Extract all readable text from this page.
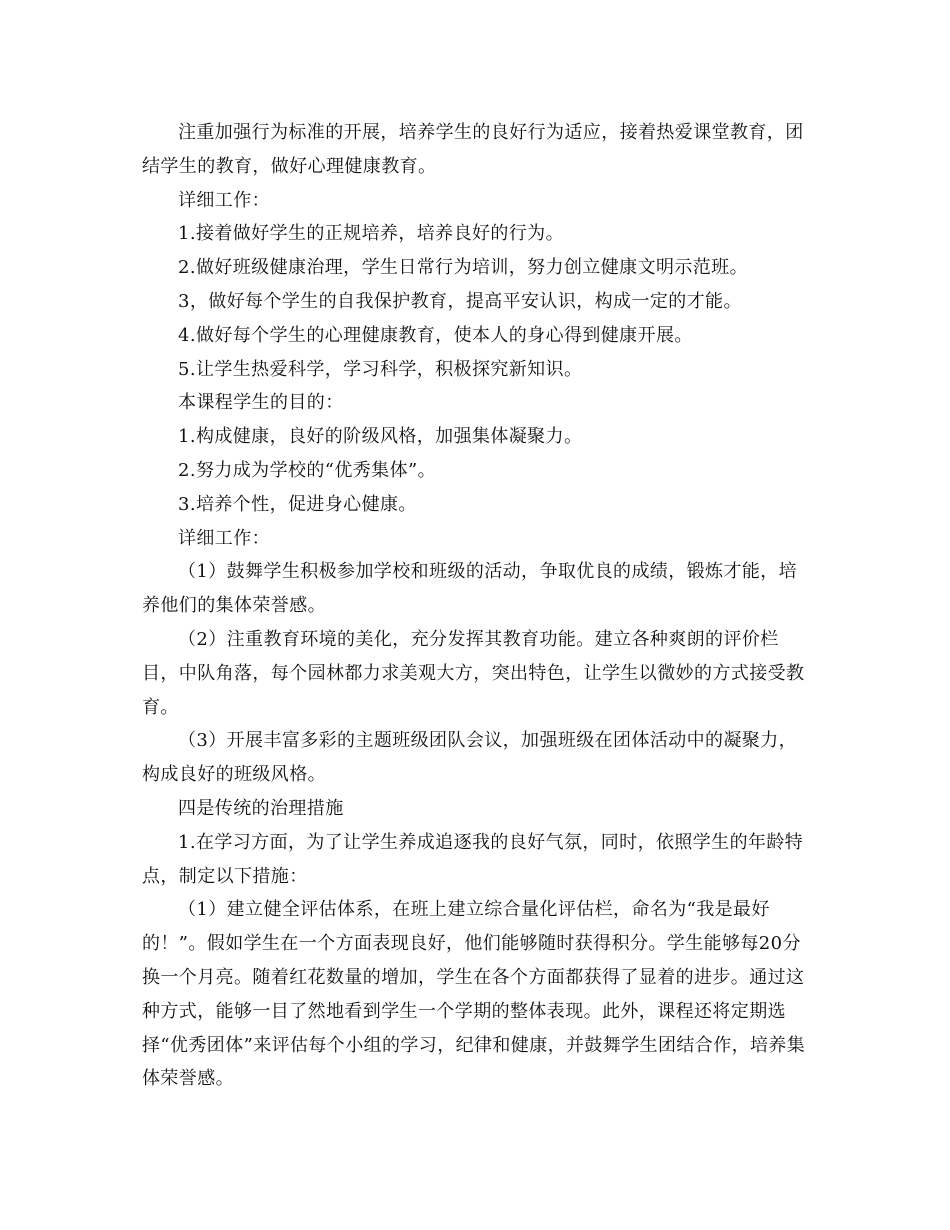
注重加强行为标准的开展，培养学生的良好行为适应，接着热爱课堂教育，团结学生的教育，做好心理健康教育。

详细工作：

1.接着做好学生的正规培养，培养良好的行为。

2.做好班级健康治理，学生日常行为培训，努力创立健康文明示范班。

3，做好每个学生的自我保护教育，提高平安认识，构成一定的才能。

4.做好每个学生的心理健康教育，使本人的身心得到健康开展。

5.让学生热爱科学，学习科学，积极探究新知识。

本课程学生的目的：

1.构成健康，良好的阶级风格，加强集体凝聚力。

2.努力成为学校的“优秀集体”。

3.培养个性，促进身心健康。

详细工作：

（1）鼓舞学生积极参加学校和班级的活动，争取优良的成绩，锻炼才能，培养他们的集体荣誉感。

（2）注重教育环境的美化，充分发挥其教育功能。建立各种爽朗的评价栏目，中队角落，每个园林都力求美观大方，突出特色，让学生以微妙的方式接受教育。

（3）开展丰富多彩的主题班级团队会议，加强班级在团体活动中的凝聚力，构成良好的班级风格。

四是传统的治理措施

1.在学习方面，为了让学生养成追逐我的良好气氛，同时，依照学生的年龄特点，制定以下措施：

（1）建立健全评估体系，在班上建立综合量化评估栏，命名为“我是最好的！”。假如学生在一个方面表现良好，他们能够随时获得积分。学生能够每20分换一个月亮。随着红花数量的增加，学生在各个方面都获得了显着的进步。通过这种方式，能够一目了然地看到学生一个学期的整体表现。此外，课程还将定期选择“优秀团体”来评估每个小组的学习，纪律和健康，并鼓舞学生团结合作，培养集体荣誉感。
